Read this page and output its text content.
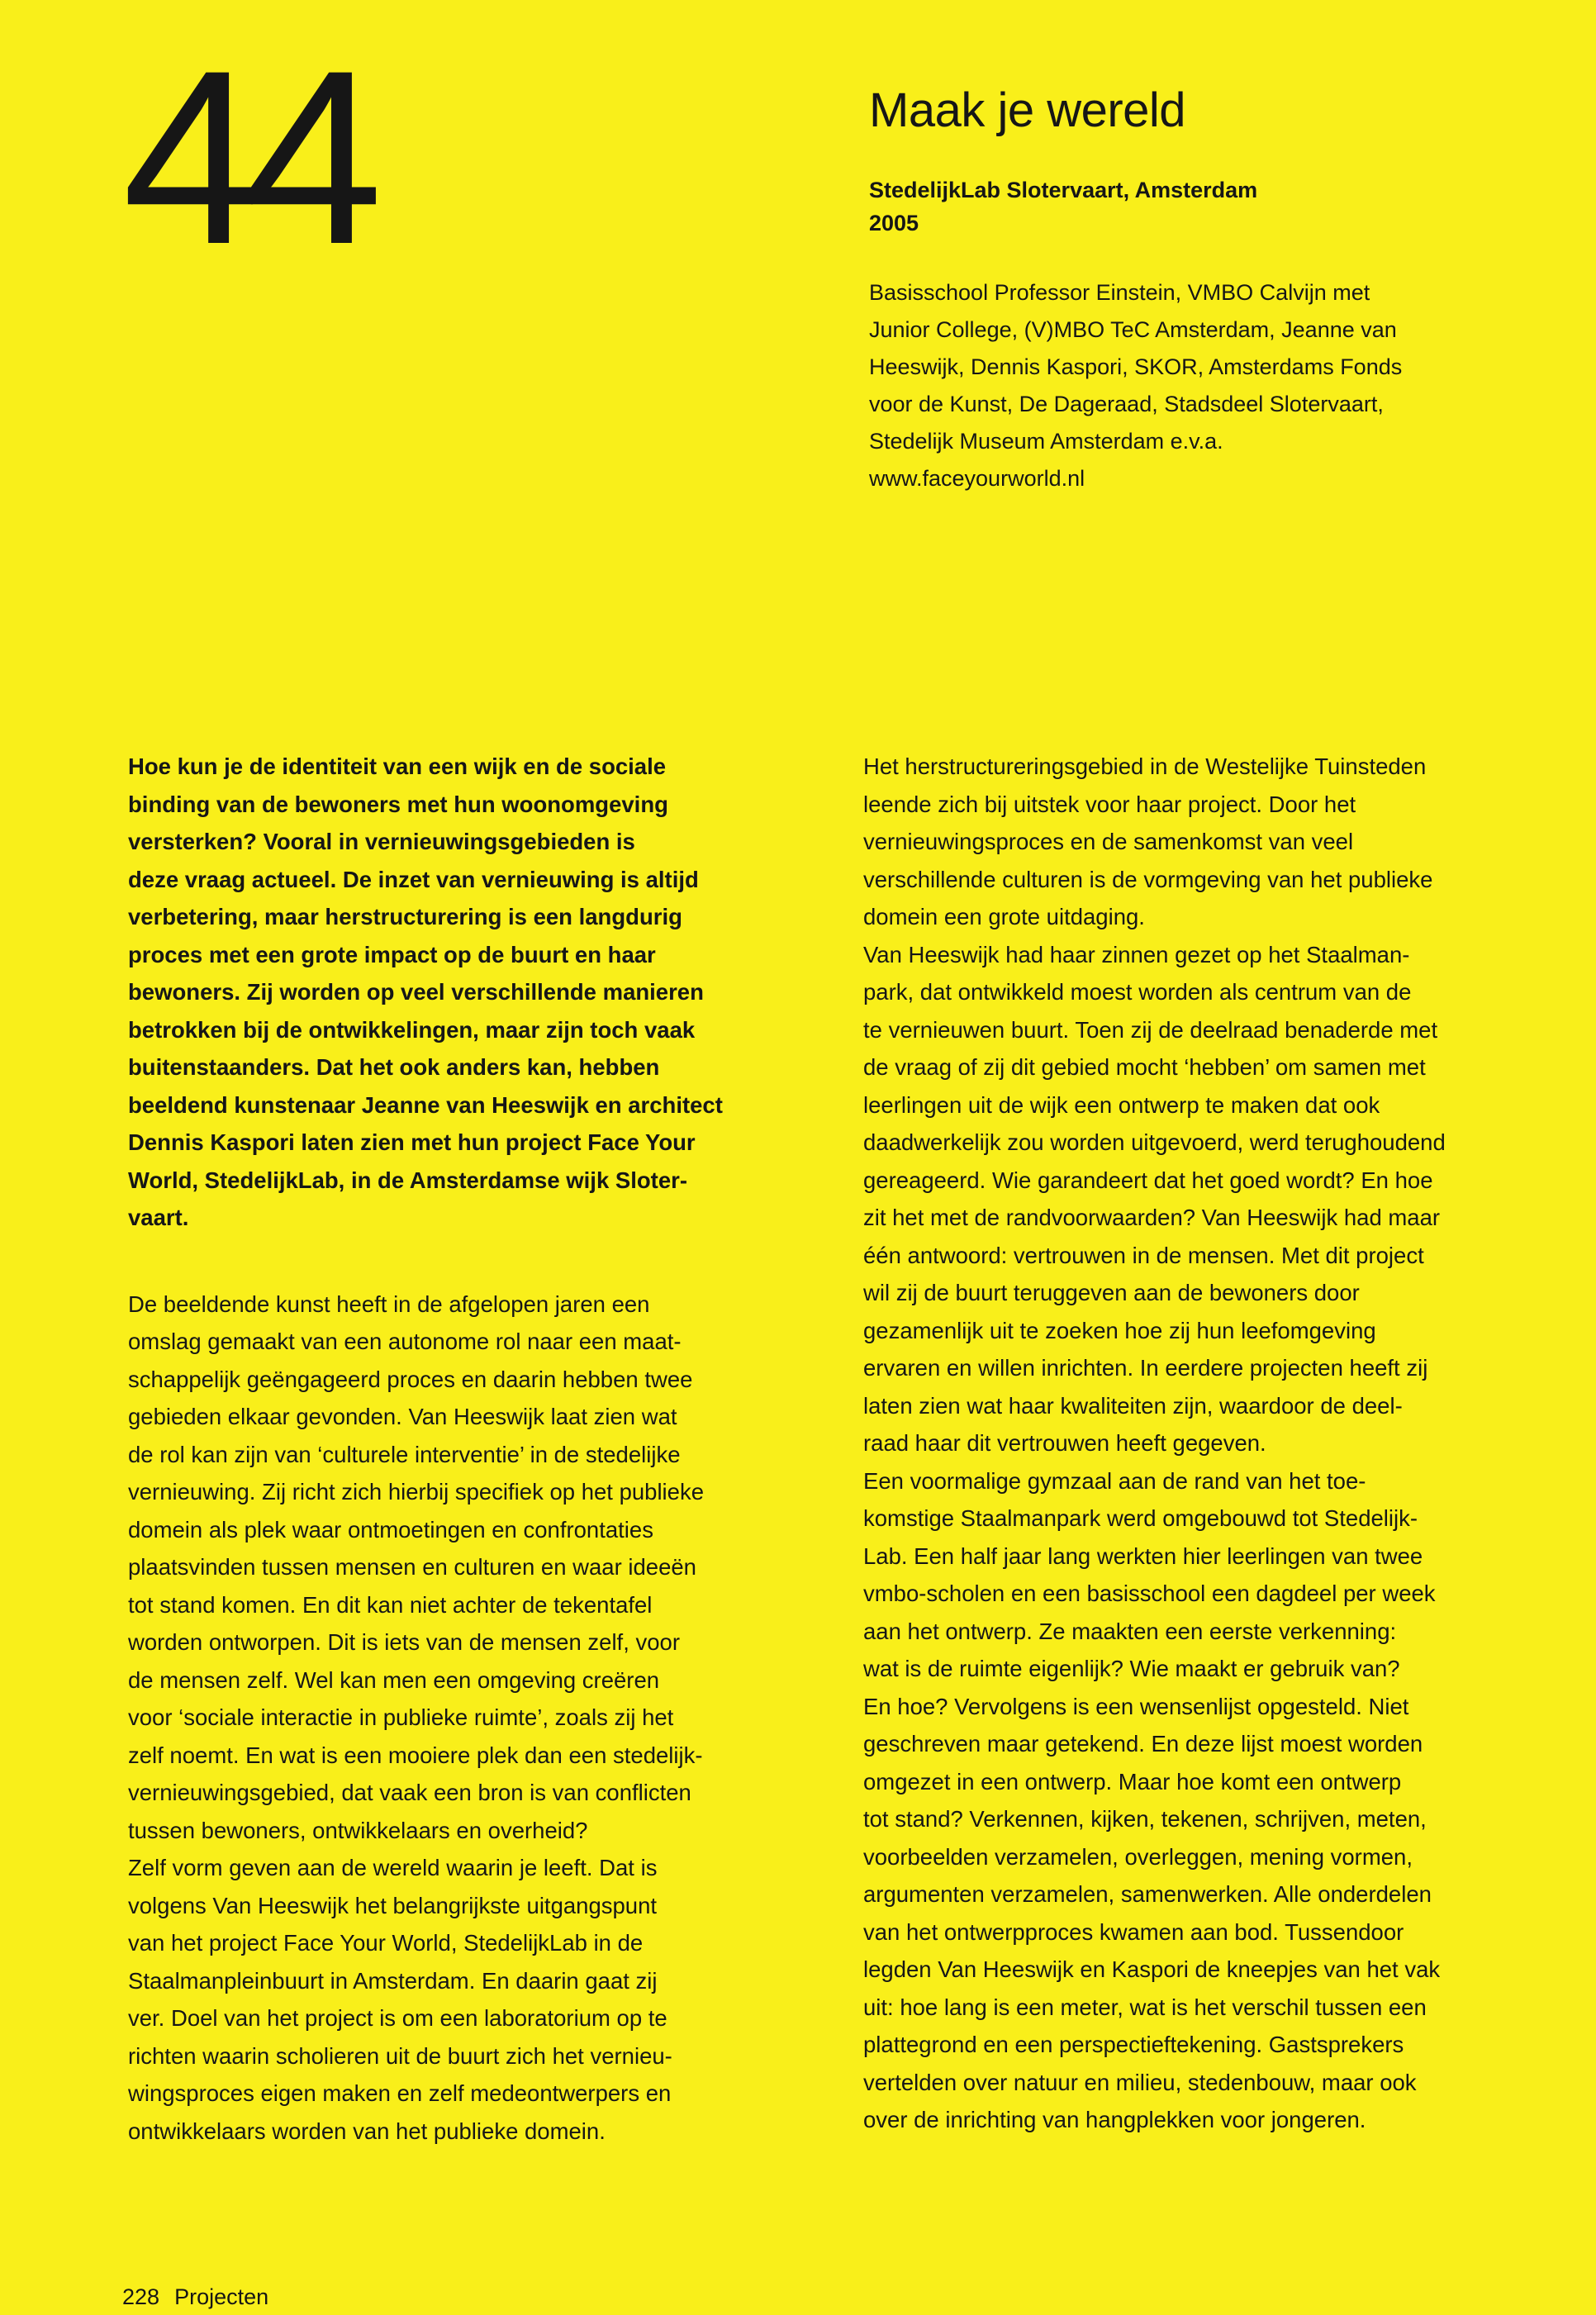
44	Maak je wereld
StedelijkLab Slotervaart, Amsterdam
2005
Basisschool Professor Einstein, VMBO Calvijn met
Junior College, (V)MBO TeC Amsterdam, Jeanne van
Heeswijk, Dennis Kaspori, SKOR, Amsterdams Fonds
voor de Kunst, De Dageraad, Stadsdeel Slotervaart,
Stedelijk Museum Amsterdam e.v.a.
www.faceyourworld.nl
Hoe kun je de identiteit van een wijk en de sociale
binding van de bewoners met hun woonomgeving
versterken? Vooral in vernieuwingsgebieden is
deze vraag actueel. De inzet van vernieuwing is altijd
verbetering, maar herstructurering is een langdurig
proces met een grote impact op de buurt en haar
bewoners. Zij worden op veel verschillende manieren
betrokken bij de ontwikkelingen, maar zijn toch vaak
buitenstaanders. Dat het ook anders kan, hebben
beeldend kunstenaar Jeanne van Heeswijk en architect
Dennis Kaspori laten zien met hun project Face Your
World, StedelijkLab, in de Amsterdamse wijk Sloter-
vaart.
De beeldende kunst heeft in de afgelopen jaren een
omslag gemaakt van een autonome rol naar een maat-
schappelijk geëngageerd proces en daarin hebben twee
gebieden elkaar gevonden. Van Heeswijk laat zien wat
de rol kan zijn van ‘culturele interventie’ in de stedelijke
vernieuwing. Zij richt zich hierbij specifiek op het publieke
domein als plek waar ontmoetingen en confrontaties
plaatsvinden tussen mensen en culturen en waar ideeën
tot stand komen. En dit kan niet achter de tekentafel
worden ontworpen. Dit is iets van de mensen zelf, voor
de mensen zelf. Wel kan men een omgeving creëren
voor ‘sociale interactie in publieke ruimte’, zoals zij het
zelf noemt. En wat is een mooiere plek dan een stedelijk-
vernieuwingsgebied, dat vaak een bron is van conflicten
tussen bewoners, ontwikkelaars en overheid?
Zelf vorm geven aan de wereld waarin je leeft. Dat is
volgens Van Heeswijk het belangrijkste uitgangspunt
van het project Face Your World, StedelijkLab in de
Staalmanpleinbuurt in Amsterdam. En daarin gaat zij
ver. Doel van het project is om een laboratorium op te
richten waarin scholieren uit de buurt zich het vernieu-
wingsproces eigen maken en zelf medeontwerpers en
ontwikkelaars worden van het publieke domein.
Het herstructureringsgebied in de Westelijke Tuinsteden
leende zich bij uitstek voor haar project. Door het
vernieuwingsproces en de samenkomst van veel
verschillende culturen is de vormgeving van het publieke
domein een grote uitdaging.
Van Heeswijk had haar zinnen gezet op het Staalman-
park, dat ontwikkeld moest worden als centrum van de
te vernieuwen buurt. Toen zij de deelraad benaderde met
de vraag of zij dit gebied mocht ‘hebben’ om samen met
leerlingen uit de wijk een ontwerp te maken dat ook
daadwerkelijk zou worden uitgevoerd, werd terughoudend
gereageerd. Wie garandeert dat het goed wordt? En hoe
zit het met de randvoorwaarden? Van Heeswijk had maar
één antwoord: vertrouwen in de mensen. Met dit project
wil zij de buurt teruggeven aan de bewoners door
gezamenlijk uit te zoeken hoe zij hun leefomgeving
ervaren en willen inrichten. In eerdere projecten heeft zij
laten zien wat haar kwaliteiten zijn, waardoor de deel-
raad haar dit vertrouwen heeft gegeven.
Een voormalige gymzaal aan de rand van het toe-
komstige Staalmanpark werd omgebouwd tot Stedelijk-
Lab. Een half jaar lang werkten hier leerlingen van twee
vmbo-scholen en een basisschool een dagdeel per week
aan het ontwerp. Ze maakten een eerste verkenning:
wat is de ruimte eigenlijk? Wie maakt er gebruik van?
En hoe? Vervolgens is een wensenlijst opgesteld. Niet
geschreven maar getekend. En deze lijst moest worden
omgezet in een ontwerp. Maar hoe komt een ontwerp
tot stand? Verkennen, kijken, tekenen, schrijven, meten,
voorbeelden verzamelen, overleggen, mening vormen,
argumenten verzamelen, samenwerken. Alle onderdelen
van het ontwerpproces kwamen aan bod. Tussendoor
legden Van Heeswijk en Kaspori de kneepjes van het vak
uit: hoe lang is een meter, wat is het verschil tussen een
plattegrond en een perspectieftekening. Gastsprekers
vertelden over natuur en milieu, stedenbouw, maar ook
over de inrichting van hangplekken voor jongeren.
228 Projecten
